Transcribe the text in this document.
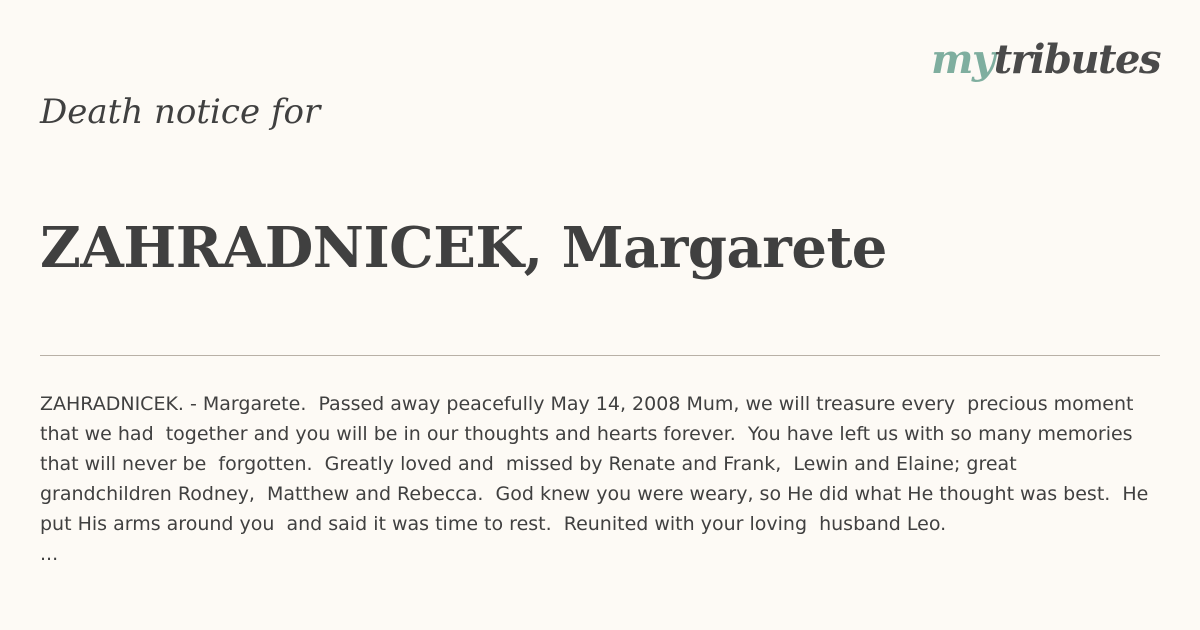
mytributes
Death notice for
ZAHRADNICEK, Margarete

ZAHRADNICEK. - Margarete.  Passed away peacefully May 14, 2008 Mum, we will treasure every  precious moment that we had  together and you will be in our thoughts and hearts forever.  You have left us with so many memories that will never be  forgotten.  Greatly loved and  missed by Renate and Frank,  Lewin and Elaine; great  grandchildren Rodney,  Matthew and Rebecca.  God knew you were weary, so He did what He thought was best.  He put His arms around you  and said it was time to rest.  Reunited with your loving  husband Leo.

...
